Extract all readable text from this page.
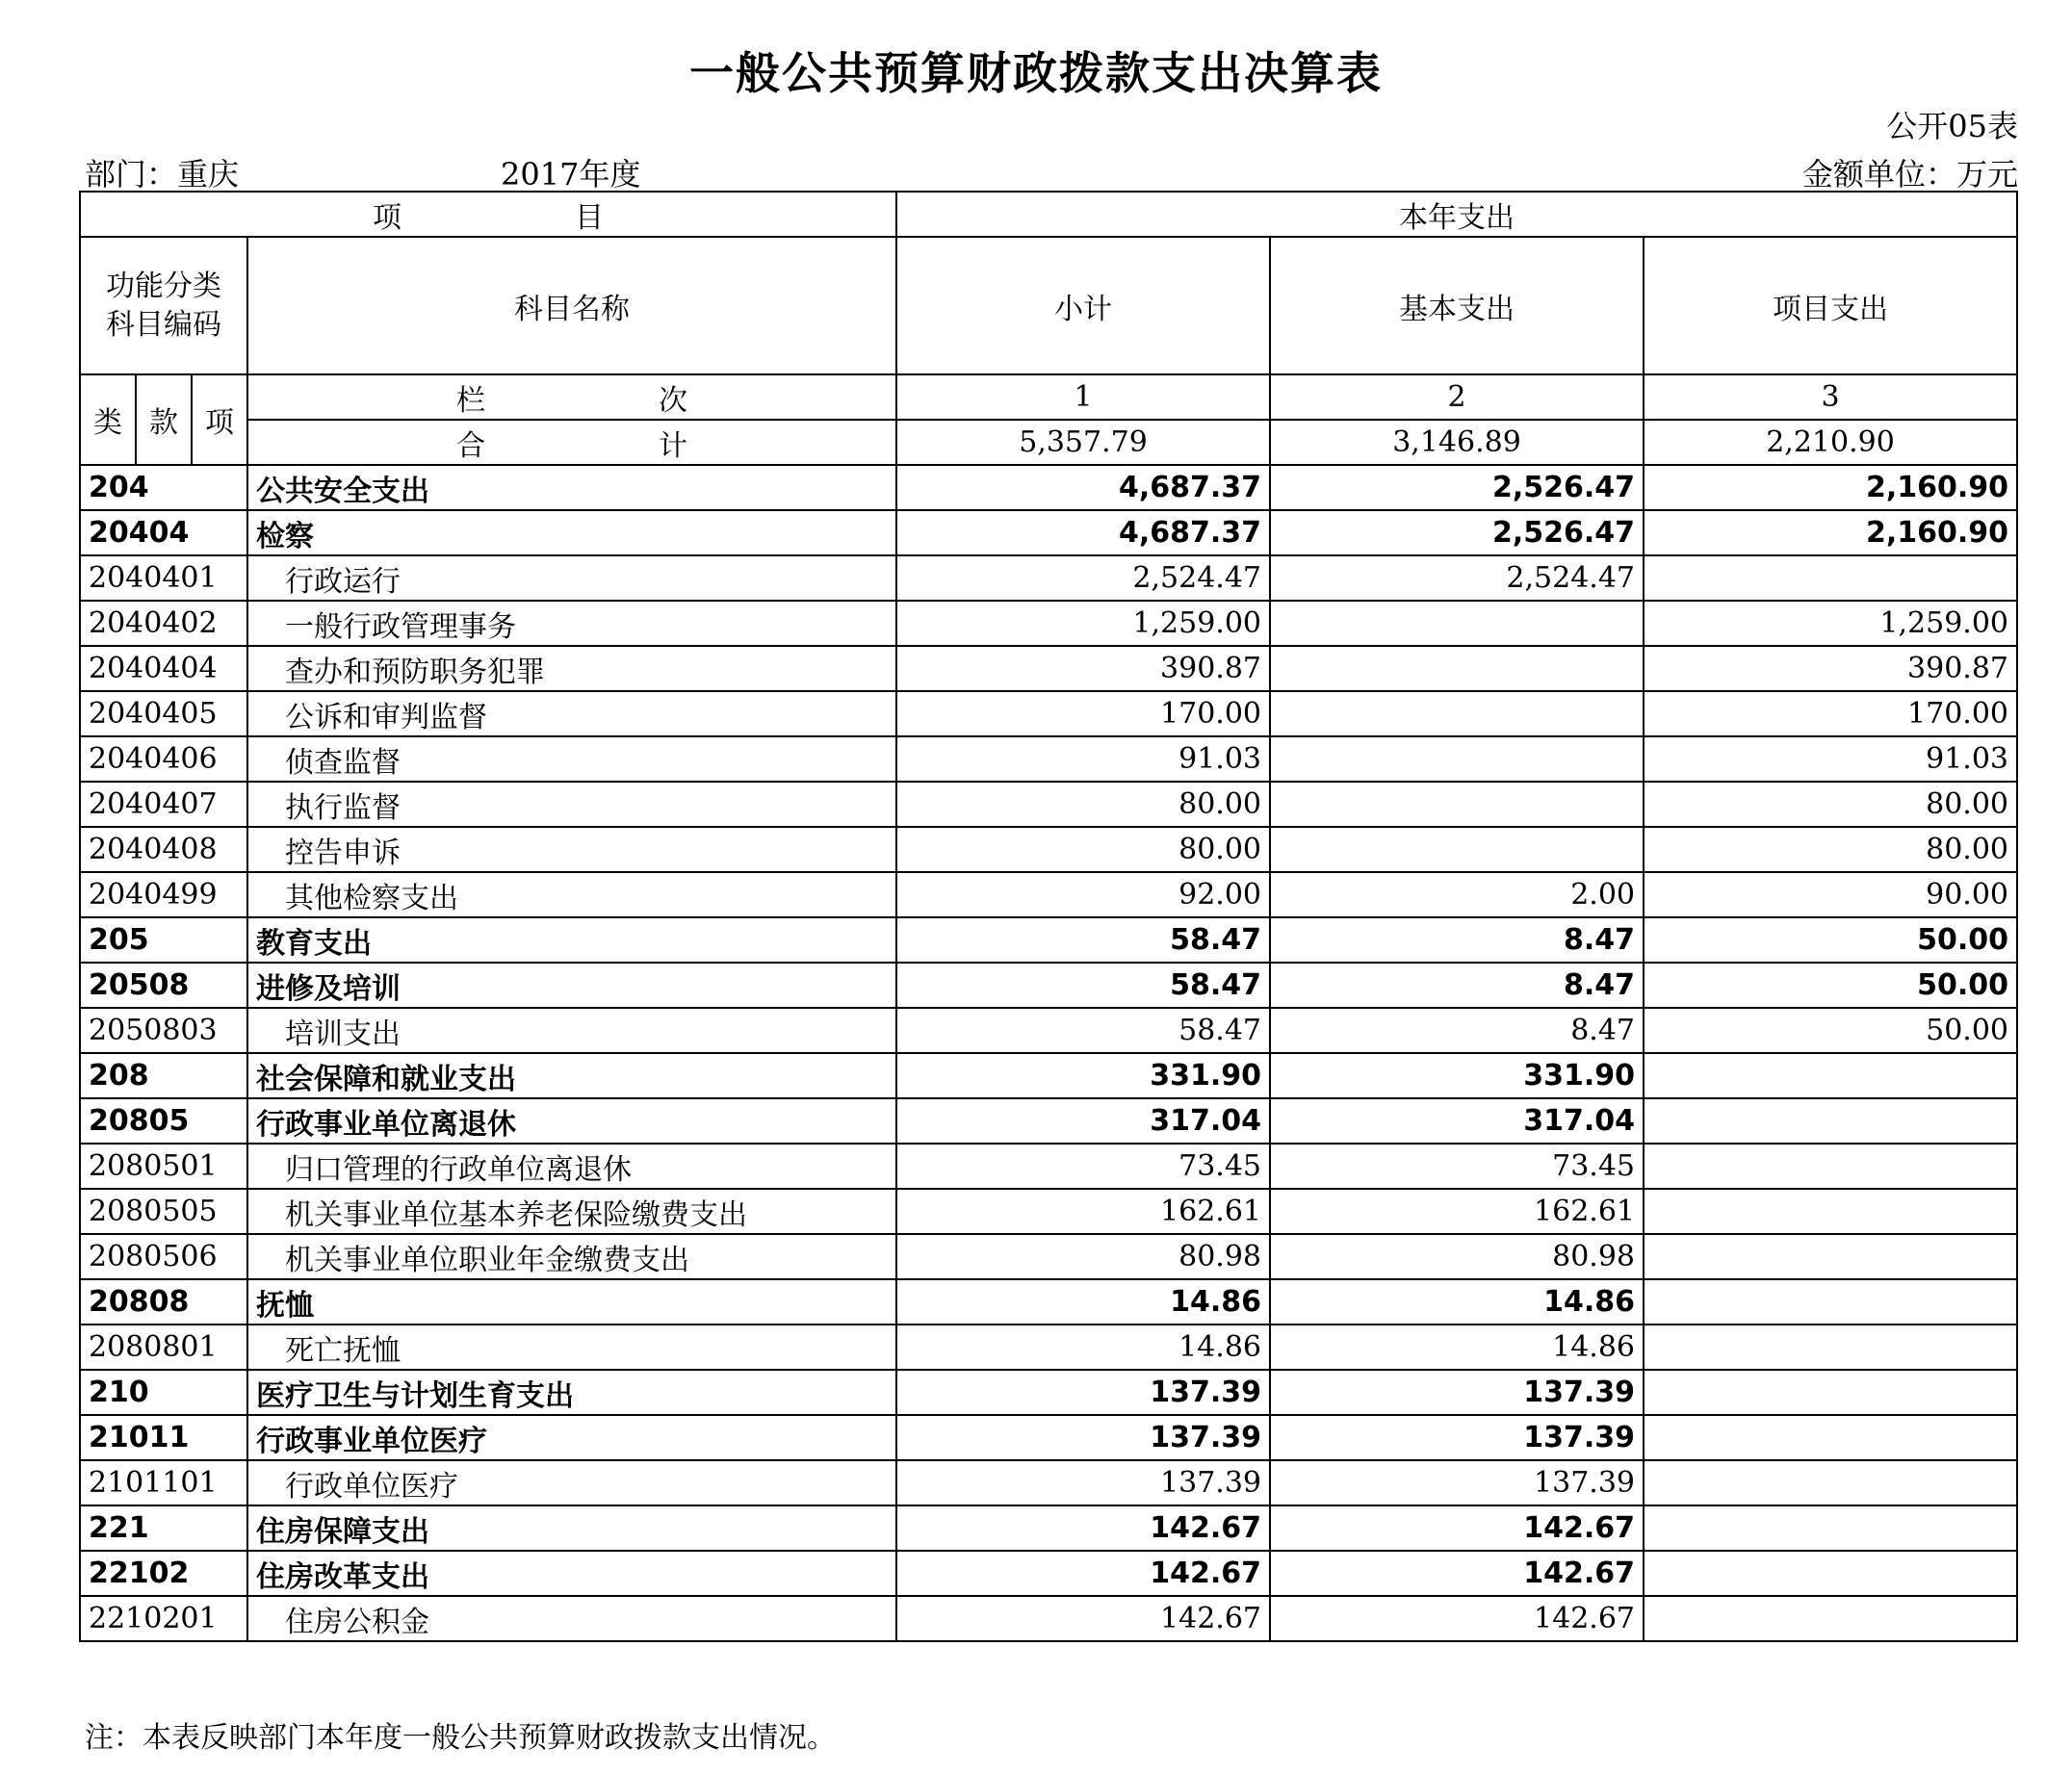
一般公共预算财政拨款支出决算表
公开05表
部门：重庆	2017年度	金额单位：万元
项　　　　　　目				本年支出		
功能分类
科目编码			科目名称	小计	基本支出	项目支出
类	款	项	栏　　　　　　次	1	2	3
			合　　　　　　计	5,357.79	3,146.89	2,210.90
204			公共安全支出	4,687.37	2,526.47	2,160.90
20404			检察	4,687.37	2,526.47	2,160.90
2040401			行政运行	2,524.47	2,524.47	
2040402			一般行政管理事务	1,259.00		1,259.00
2040404			查办和预防职务犯罪	390.87		390.87
2040405			公诉和审判监督	170.00		170.00
2040406			侦查监督	91.03		91.03
2040407			执行监督	80.00		80.00
2040408			控告申诉	80.00		80.00
2040499			其他检察支出	92.00	2.00	90.00
205			教育支出	58.47	8.47	50.00
20508			进修及培训	58.47	8.47	50.00
2050803			培训支出	58.47	8.47	50.00
208			社会保障和就业支出	331.90	331.90	
20805			行政事业单位离退休	317.04	317.04	
2080501			归口管理的行政单位离退休	73.45	73.45	
2080505			机关事业单位基本养老保险缴费支出	162.61	162.61	
2080506			机关事业单位职业年金缴费支出	80.98	80.98	
20808			抚恤	14.86	14.86	
2080801			死亡抚恤	14.86	14.86	
210			医疗卫生与计划生育支出	137.39	137.39	
21011			行政事业单位医疗	137.39	137.39	
2101101			行政单位医疗	137.39	137.39	
221			住房保障支出	142.67	142.67	
22102			住房改革支出	142.67	142.67	
2210201			住房公积金	142.67	142.67	
注：本表反映部门本年度一般公共预算财政拨款支出情况。
